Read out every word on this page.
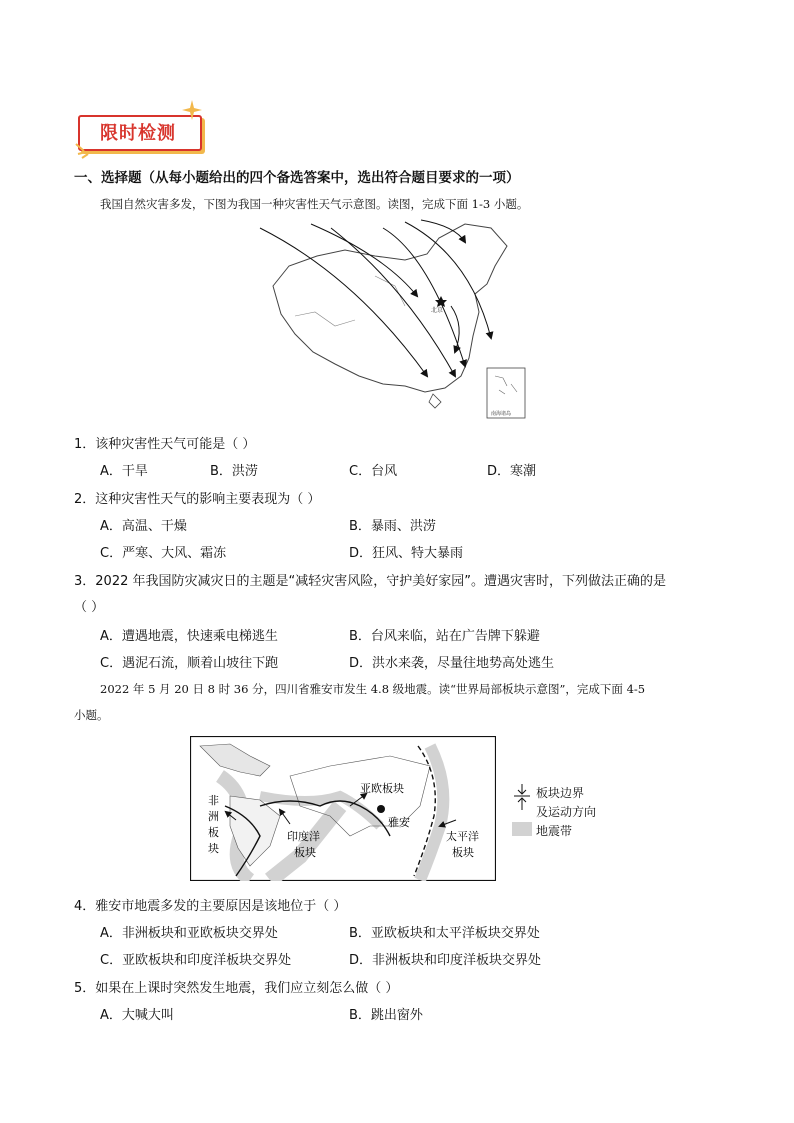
限时检测
一、选择题（从每小题给出的四个备选答案中，选出符合题目要求的一项）
我国自然灾害多发，下图为我国一种灾害性天气示意图。读图，完成下面 1-3 小题。
北京
南海诸岛
1．该种灾害性天气可能是（ ）
A．干旱	B．洪涝	C．台风	D．寒潮
2．这种灾害性天气的影响主要表现为（ ）
A．高温、干燥	B．暴雨、洪涝
C．严寒、大风、霜冻	D．狂风、特大暴雨
3．2022 年我国防灾减灾日的主题是“减轻灾害风险，守护美好家园”。遭遇灾害时，下列做法正确的是
（ ）
A．遭遇地震，快速乘电梯逃生	B．台风来临，站在广告牌下躲避
C．遇泥石流，顺着山坡往下跑	D．洪水来袭，尽量往地势高处逃生
2022 年 5 月 20 日 8 时 36 分，四川省雅安市发生 4.8 级地震。读“世界局部板块示意图”，完成下面 4-5
小题。
亚欧板块
非
洲
板
块
印度洋
板块
雅安
太平洋
板块
板块边界
及运动方向
地震带
4．雅安市地震多发的主要原因是该地位于（ ）
A．非洲板块和亚欧板块交界处	B．亚欧板块和太平洋板块交界处
C．亚欧板块和印度洋板块交界处	D．非洲板块和印度洋板块交界处
5．如果在上课时突然发生地震，我们应立刻怎么做（ ）
A．大喊大叫	B．跳出窗外
